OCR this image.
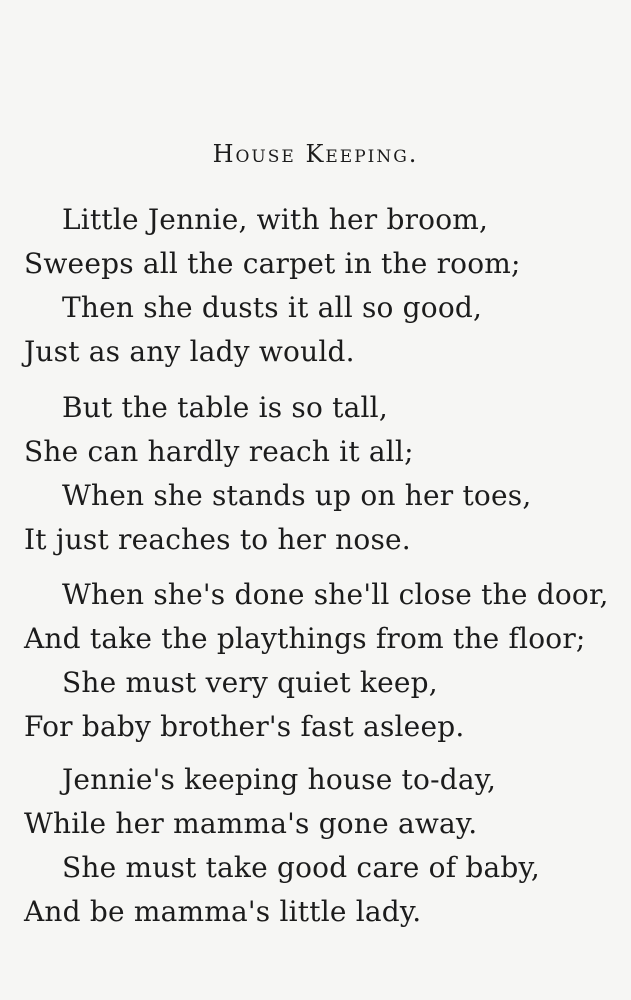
House Keeping.
Little Jennie, with her broom,
Sweeps all the carpet in the room;
Then she dusts it all so good,
Just as any lady would.
But the table is so tall,
She can hardly reach it all;
When she stands up on her toes,
It just reaches to her nose.
When she's done she'll close the door,
And take the playthings from the floor;
She must very quiet keep,
For baby brother's fast asleep.
Jennie's keeping house to-day,
While her mamma's gone away.
She must take good care of baby,
And be mamma's little lady.
